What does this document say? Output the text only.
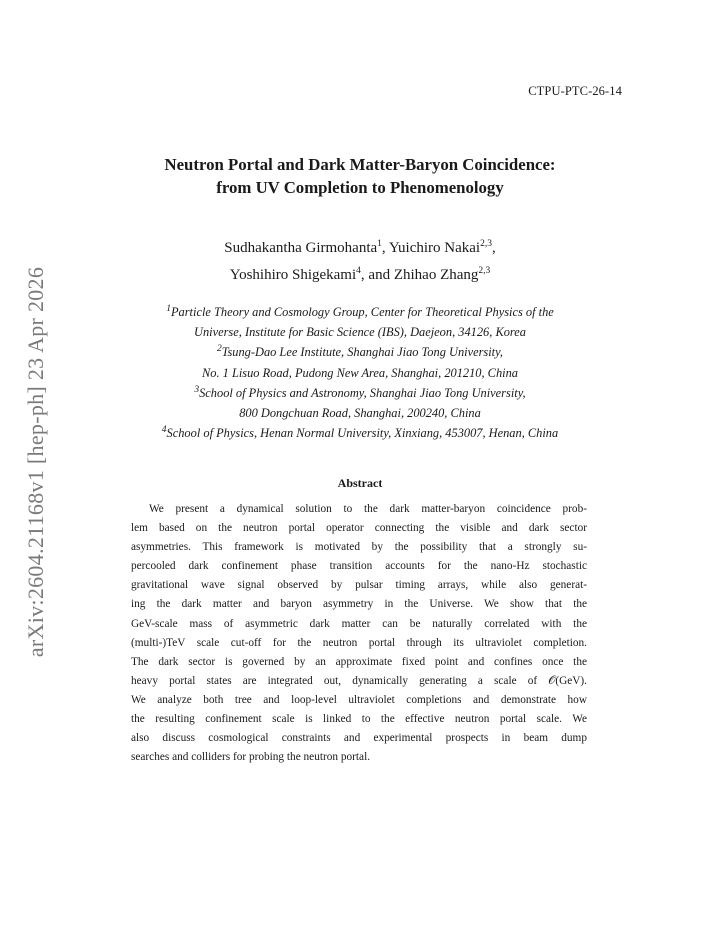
CTPU-PTC-26-14
arXiv:2604.21168v1 [hep-ph] 23 Apr 2026
Neutron Portal and Dark Matter-Baryon Coincidence:
from UV Completion to Phenomenology
Sudhakantha Girmohanta$^1$, Yuichiro Nakai$^{2,3}$,
Yoshihiro Shigekami$^4$, and Zhihao Zhang$^{2,3}$
$^1$Particle Theory and Cosmology Group, Center for Theoretical Physics of the
Universe, Institute for Basic Science (IBS), Daejeon, 34126, Korea
$^2$Tsung-Dao Lee Institute, Shanghai Jiao Tong University,
No. 1 Lisuo Road, Pudong New Area, Shanghai, 201210, China
$^3$School of Physics and Astronomy, Shanghai Jiao Tong University,
800 Dongchuan Road, Shanghai, 200240, China
$^4$School of Physics, Henan Normal University, Xinxiang, 453007, Henan, China
Abstract
We present a dynamical solution to the dark matter-baryon coincidence prob-
lem based on the neutron portal operator connecting the visible and dark sector
asymmetries. This framework is motivated by the possibility that a strongly su-
percooled dark confinement phase transition accounts for the nano-Hz stochastic
gravitational wave signal observed by pulsar timing arrays, while also generat-
ing the dark matter and baryon asymmetry in the Universe. We show that the
GeV-scale mass of asymmetric dark matter can be naturally correlated with the
(multi-)TeV scale cut-off for the neutron portal through its ultraviolet completion.
The dark sector is governed by an approximate fixed point and confines once the
heavy portal states are integrated out, dynamically generating a scale of 𝒪(GeV).
We analyze both tree and loop-level ultraviolet completions and demonstrate how
the resulting confinement scale is linked to the effective neutron portal scale. We
also discuss cosmological constraints and experimental prospects in beam dump
searches and colliders for probing the neutron portal.
